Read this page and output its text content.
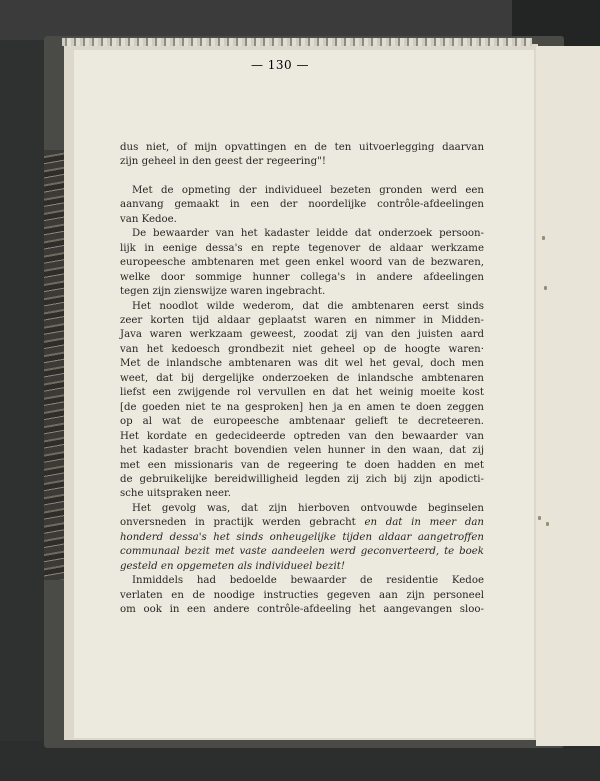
— 130 —
dus niet, of mijn opvattingen en de ten uitvoerlegging daarvan
zijn geheel in den geest der regeering"!
Met de opmeting der individueel bezeten gronden werd een
aanvang gemaakt in een der noordelijke contrôle-afdeelingen
van Kedoe.
De bewaarder van het kadaster leidde dat onderzoek persoon-
lijk in eenige dessa's en repte tegenover de aldaar werkzame
europeesche ambtenaren met geen enkel woord van de bezwaren,
welke door sommige hunner collega's in andere afdeelingen
tegen zijn zienswijze waren ingebracht.
Het noodlot wilde wederom, dat die ambtenaren eerst sinds
zeer korten tijd aldaar geplaatst waren en nimmer in Midden-
Java waren werkzaam geweest, zoodat zij van den juisten aard
van het kedoesch grondbezit niet geheel op de hoogte waren·
Met de inlandsche ambtenaren was dit wel het geval, doch men
weet, dat bij dergelijke onderzoeken de inlandsche ambtenaren
liefst een zwijgende rol vervullen en dat het weinig moeite kost
[de goeden niet te na gesproken] hen ja en amen te doen zeggen
op al wat de europeesche ambtenaar gelieft te decreteeren.
Het kordate en gedecideerde optreden van den bewaarder van
het kadaster bracht bovendien velen hunner in den waan, dat zij
met een missionaris van de regeering te doen hadden en met
de gebruikelijke bereidwilligheid legden zij zich bij zijn apodicti-
sche uitspraken neer.
Het gevolg was, dat zijn hierboven ontvouwde beginselen
onversneden in practijk werden gebracht en dat in meer dan
honderd dessa's het sinds onheugelijke tijden aldaar aangetroffen
communaal bezit met vaste aandeelen werd geconverteerd, te boek
gesteld en opgemeten als individueel bezit!
Inmiddels had bedoelde bewaarder de residentie Kedoe
verlaten en de noodige instructies gegeven aan zijn personeel
om ook in een andere contrôle-afdeeling het aangevangen sloo-
